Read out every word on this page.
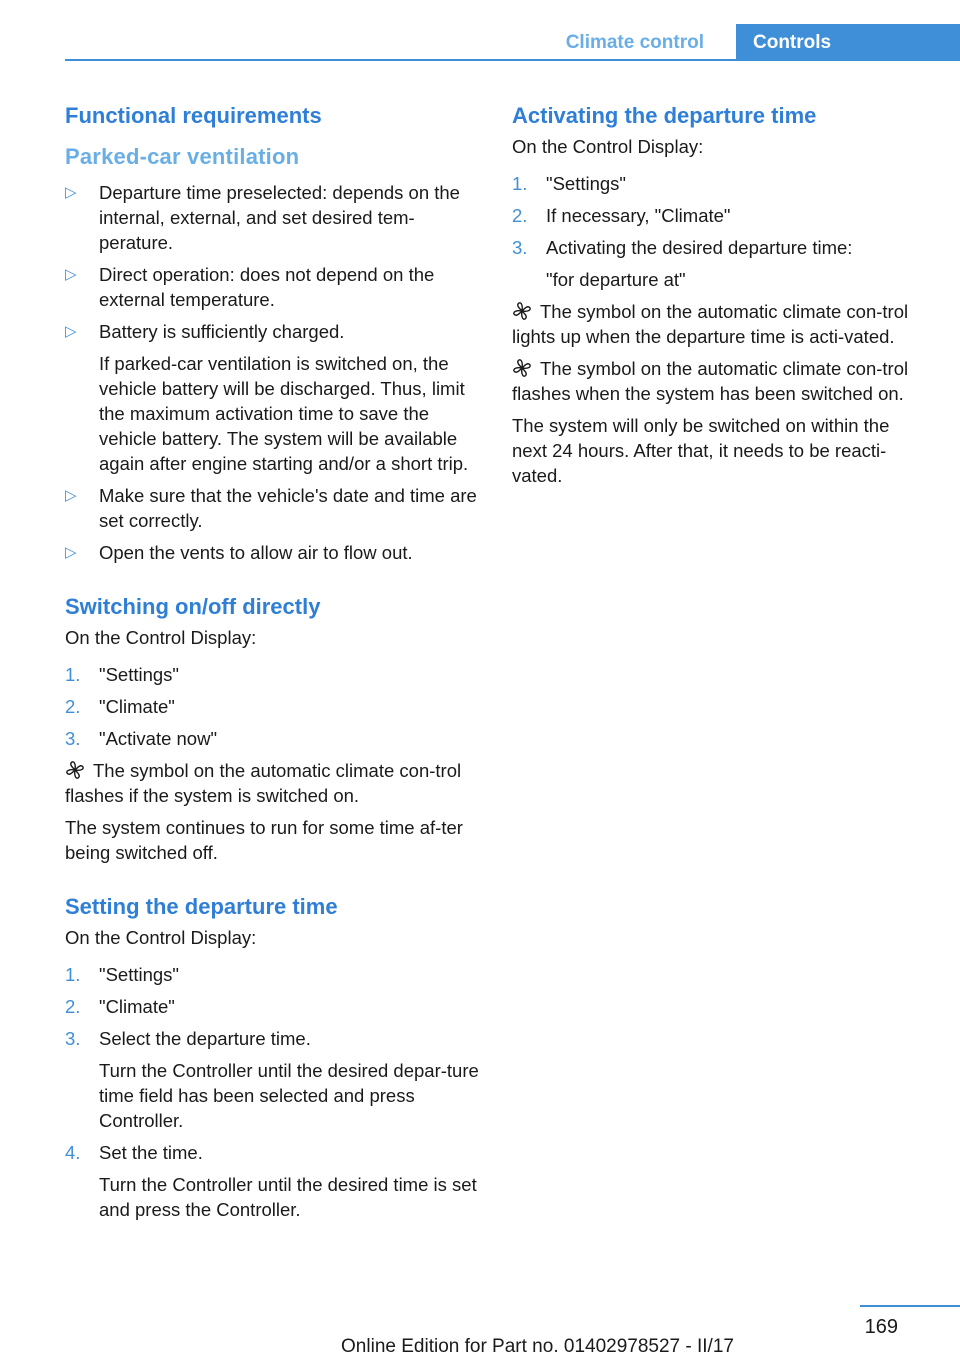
Climate control	Controls
Functional requirements
Parked-car ventilation
▷ Departure time preselected: depends on the internal, external, and set desired tem‐perature.
▷ Direct operation: does not depend on the external temperature.
▷ Battery is sufficiently charged.

If parked-car ventilation is switched on, the vehicle battery will be discharged. Thus, limit the maximum activation time to save the vehicle battery. The system will be available again after engine starting and/or a short trip.

▷ Make sure that the vehicle's date and time are set correctly.
▷ Open the vents to allow air to flow out.
Switching on/off directly

On the Control Display:

1. "Settings"
2. "Climate"
3. "Activate now"

The symbol on the automatic climate con‐trol flashes if the system is switched on.

The system continues to run for some time af‐ter being switched off.

Setting the departure time

On the Control Display:

1. "Settings"
2. "Climate"
3. Select the departure time.

Turn the Controller until the desired depar‐ture time field has been selected and press Controller.

4. Set the time.

Turn the Controller until the desired time is set and press the Controller.

Activating the departure time

On the Control Display:

1. "Settings"
2. If necessary, "Climate"
3. Activating the desired departure time:

"for departure at"

The symbol on the automatic climate con‐trol lights up when the departure time is acti‐vated.

The symbol on the automatic climate con‐trol flashes when the system has been switched on.

The system will only be switched on within the next 24 hours. After that, it needs to be reacti‐vated.

169
Online Edition for Part no. 01402978527 - II/17
